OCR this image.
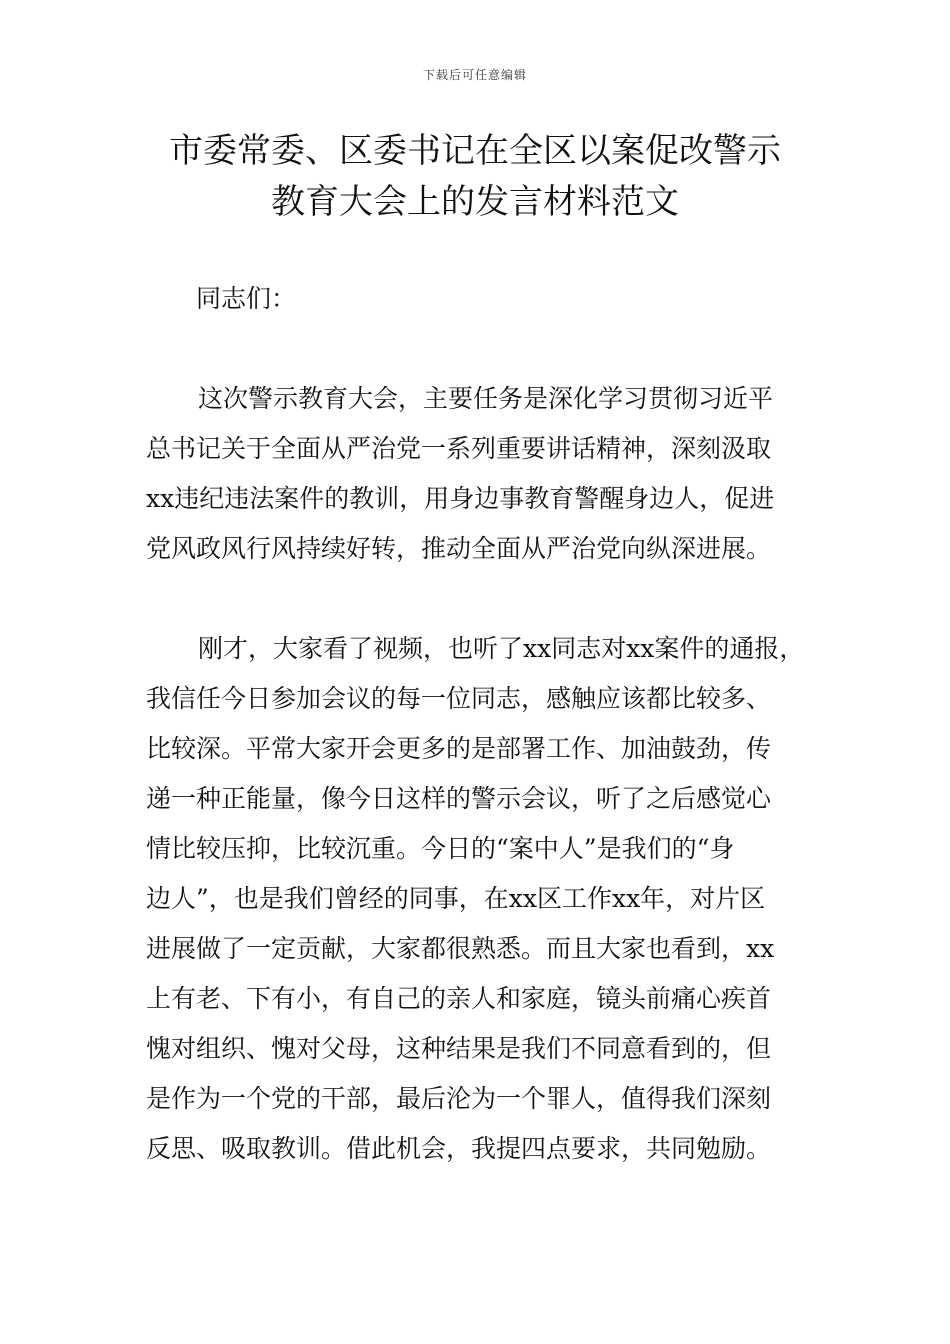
下载后可任意编辑
市委常委、区委书记在全区以案促改警示
教育大会上的发言材料范文

同志们：

这次警示教育大会，主要任务是深化学习贯彻习近平
总书记关于全面从严治党一系列重要讲话精神，深刻汲取
xx违纪违法案件的教训，用身边事教育警醒身边人，促进
党风政风行风持续好转，推动全面从严治党向纵深进展。
刚才，大家看了视频，也听了xx同志对xx案件的通报，
我信任今日参加会议的每一位同志，感触应该都比较多、
比较深。平常大家开会更多的是部署工作、加油鼓劲，传
递一种正能量，像今日这样的警示会议，听了之后感觉心
情比较压抑，比较沉重。今日的“案中人”是我们的“身
边人”，也是我们曾经的同事，在xx区工作xx年，对片区
进展做了一定贡献，大家都很熟悉。而且大家也看到，xx
上有老、下有小，有自己的亲人和家庭，镜头前痛心疾首
愧对组织、愧对父母，这种结果是我们不同意看到的，但
是作为一个党的干部，最后沦为一个罪人，值得我们深刻
反思、吸取教训。借此机会，我提四点要求，共同勉励。
